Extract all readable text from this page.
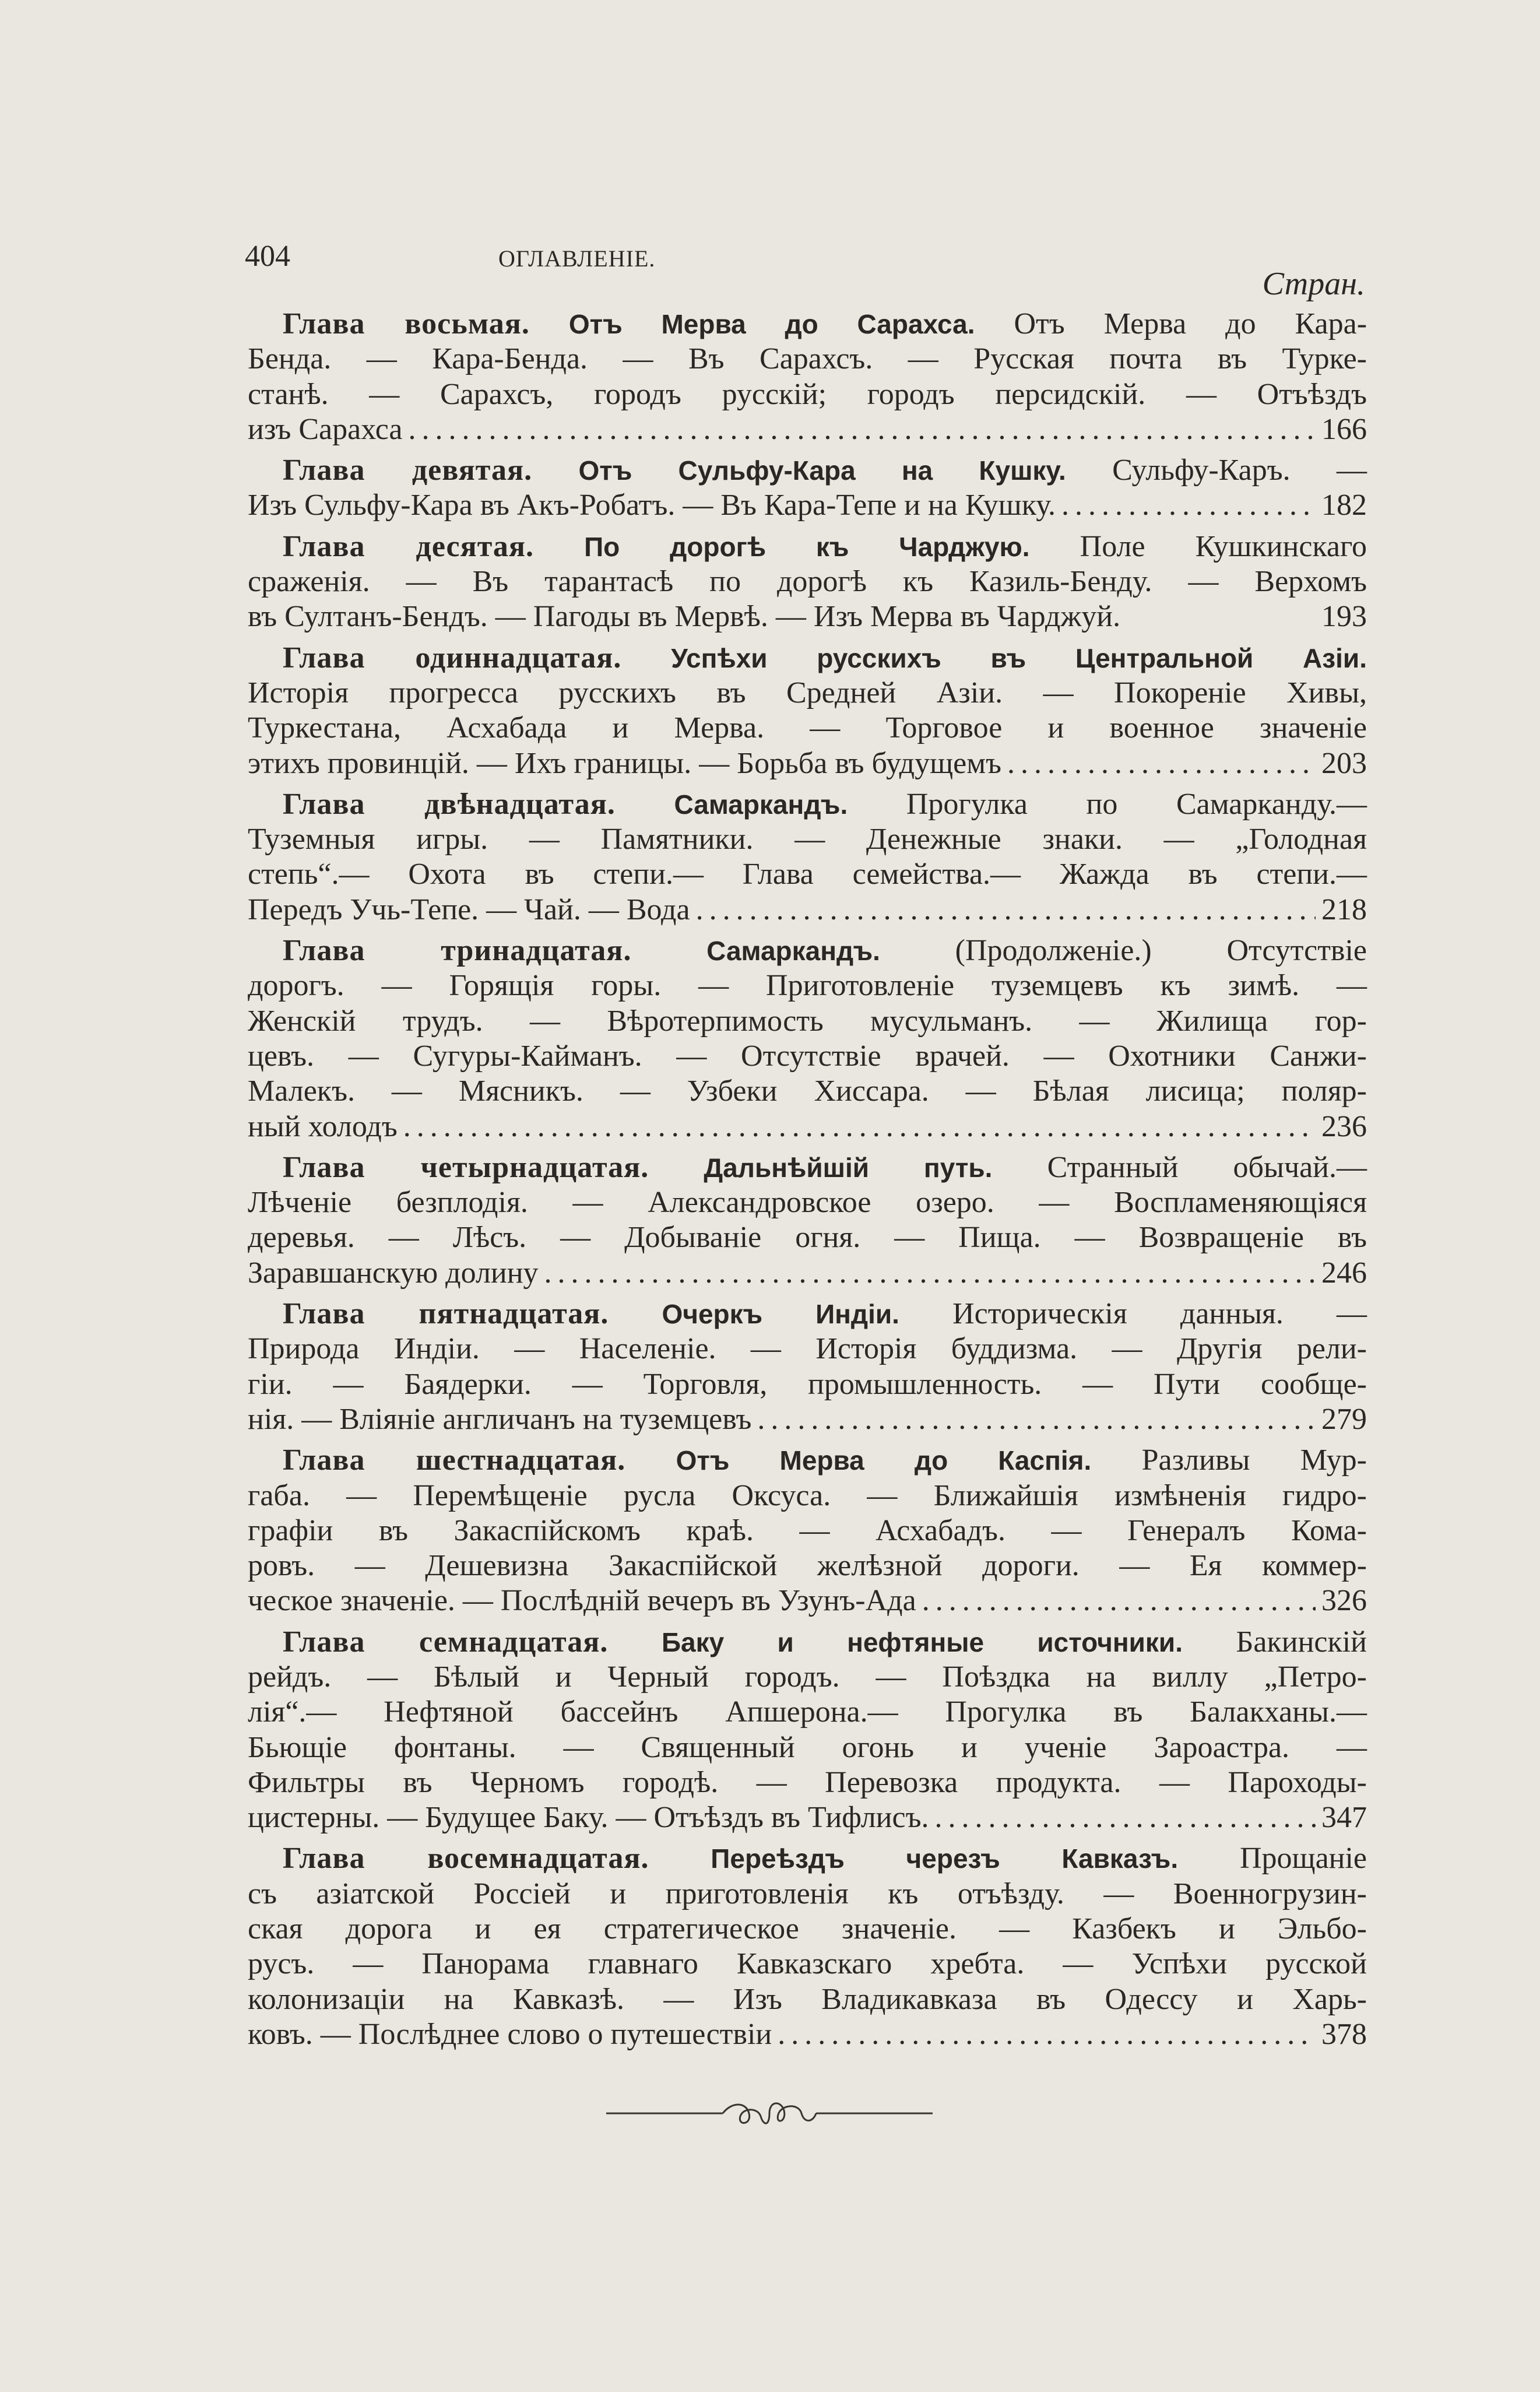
404	ОГЛАВЛЕНІЕ.
Стран.
Глава восьмая. Отъ Мерва до Сарахса. Отъ Мерва до Кара-
Бенда. — Кара-Бенда. — Въ Сарахсъ. — Русская почта въ Турке-
станѣ. — Сарахсъ, городъ русскій; городъ персидскій. — Отъѣздъ
изъ Сарахса .....	166
Глава девятая. Отъ Сульфу-Кара на Кушку. Сульфу-Каръ. —
Изъ Сульфу-Кара въ Акъ-Робатъ. — Въ Кара-Тепе и на Кушку. .....	182
Глава десятая. По дорогѣ къ Чарджую. Поле Кушкинскаго
сраженія. — Въ тарантасѣ по дорогѣ къ Казиль-Бенду. — Верхомъ
въ Султанъ-Бендъ. — Пагоды въ Мервѣ. — Изъ Мерва въ Чарджуй.	193
Глава одиннадцатая. Успѣхи русскихъ въ Центральной Азіи.
Исторія прогресса русскихъ въ Средней Азіи. — Покореніе Хивы,
Туркестана, Асхабада и Мерва. — Торговое и военное значеніе
этихъ провинцій. — Ихъ границы. — Борьба въ будущемъ .....	203
Глава двѣнадцатая. Самаркандъ. Прогулка по Самарканду.—
Туземныя игры. — Памятники. — Денежные знаки. — „Голодная
степь“.— Охота въ степи.— Глава семейства.— Жажда въ степи.—
Передъ Учь-Тепе. — Чай. — Вода .....	218
Глава тринадцатая.	Самаркандъ. (Продолженіе.) Отсутствіе
дорогъ. — Горящія горы. — Приготовленіе туземцевъ къ зимѣ. —
Женскій трудъ. — Вѣротерпимость мусульманъ. — Жилища гор-
цевъ. — Сугуры-Кайманъ. — Отсутствіе врачей. — Охотники Санжи-
Малекъ. — Мясникъ. — Узбеки Хиссара. — Бѣлая лисица; поляр-
ный холодъ .....	236
Глава четырнадцатая. Дальнѣйшій путь. Странный обычай.—
Лѣченіе безплодія. — Александровское озеро. — Воспламеняющіяся
деревья. — Лѣсъ. — Добываніе огня. — Пища. — Возвращеніе въ
Заравшанскую долину .....	246
Глава пятнадцатая. Очеркъ Индіи. Историческія данныя. —
Природа Индіи. — Населеніе. — Исторія буддизма. — Другія рели-
гіи. — Баядерки. — Торговля, промышленность. — Пути сообще-
нія. — Вліяніе англичанъ на туземцевъ .....	279
Глава шестнадцатая. Отъ Мерва до Каспія. Разливы Мур-
габа. — Перемѣщеніе русла Оксуса. — Ближайшія измѣненія гидро-
графіи въ Закаспійскомъ краѣ. — Асхабадъ. — Генералъ Кома-
ровъ. — Дешевизна Закаспійской желѣзной дороги. — Ея коммер-
ческое значеніе. — Послѣдній вечеръ въ Узунъ-Ада .....	326
Глава семнадцатая. Баку и нефтяные источники. Бакинскій
рейдъ. — Бѣлый и Черный городъ. — Поѣздка на виллу „Петро-
лія“.— Нефтяной бассейнъ Апшерона.— Прогулка въ Балакханы.—
Бьющіе фонтаны. — Священный огонь и ученіе Зароастра. —
Фильтры въ Черномъ городѣ. — Перевозка продукта. — Пароходы-
цистерны. — Будущее Баку. — Отъѣздъ въ Тифлисъ. .....	347
Глава восемнадцатая. Переѣздъ черезъ Кавказъ. Прощаніе
съ азіатской Россіей и приготовленія къ отъѣзду. — Военногрузин-
ская дорога и ея стратегическое значеніе. — Казбекъ и Эльбо-
русъ. — Панорама главнаго Кавказскаго хребта. — Успѣхи русской
колонизаціи на Кавказѣ. — Изъ Владикавказа въ Одессу и Харь-
ковъ. — Послѣднее слово о путешествіи .....	378
